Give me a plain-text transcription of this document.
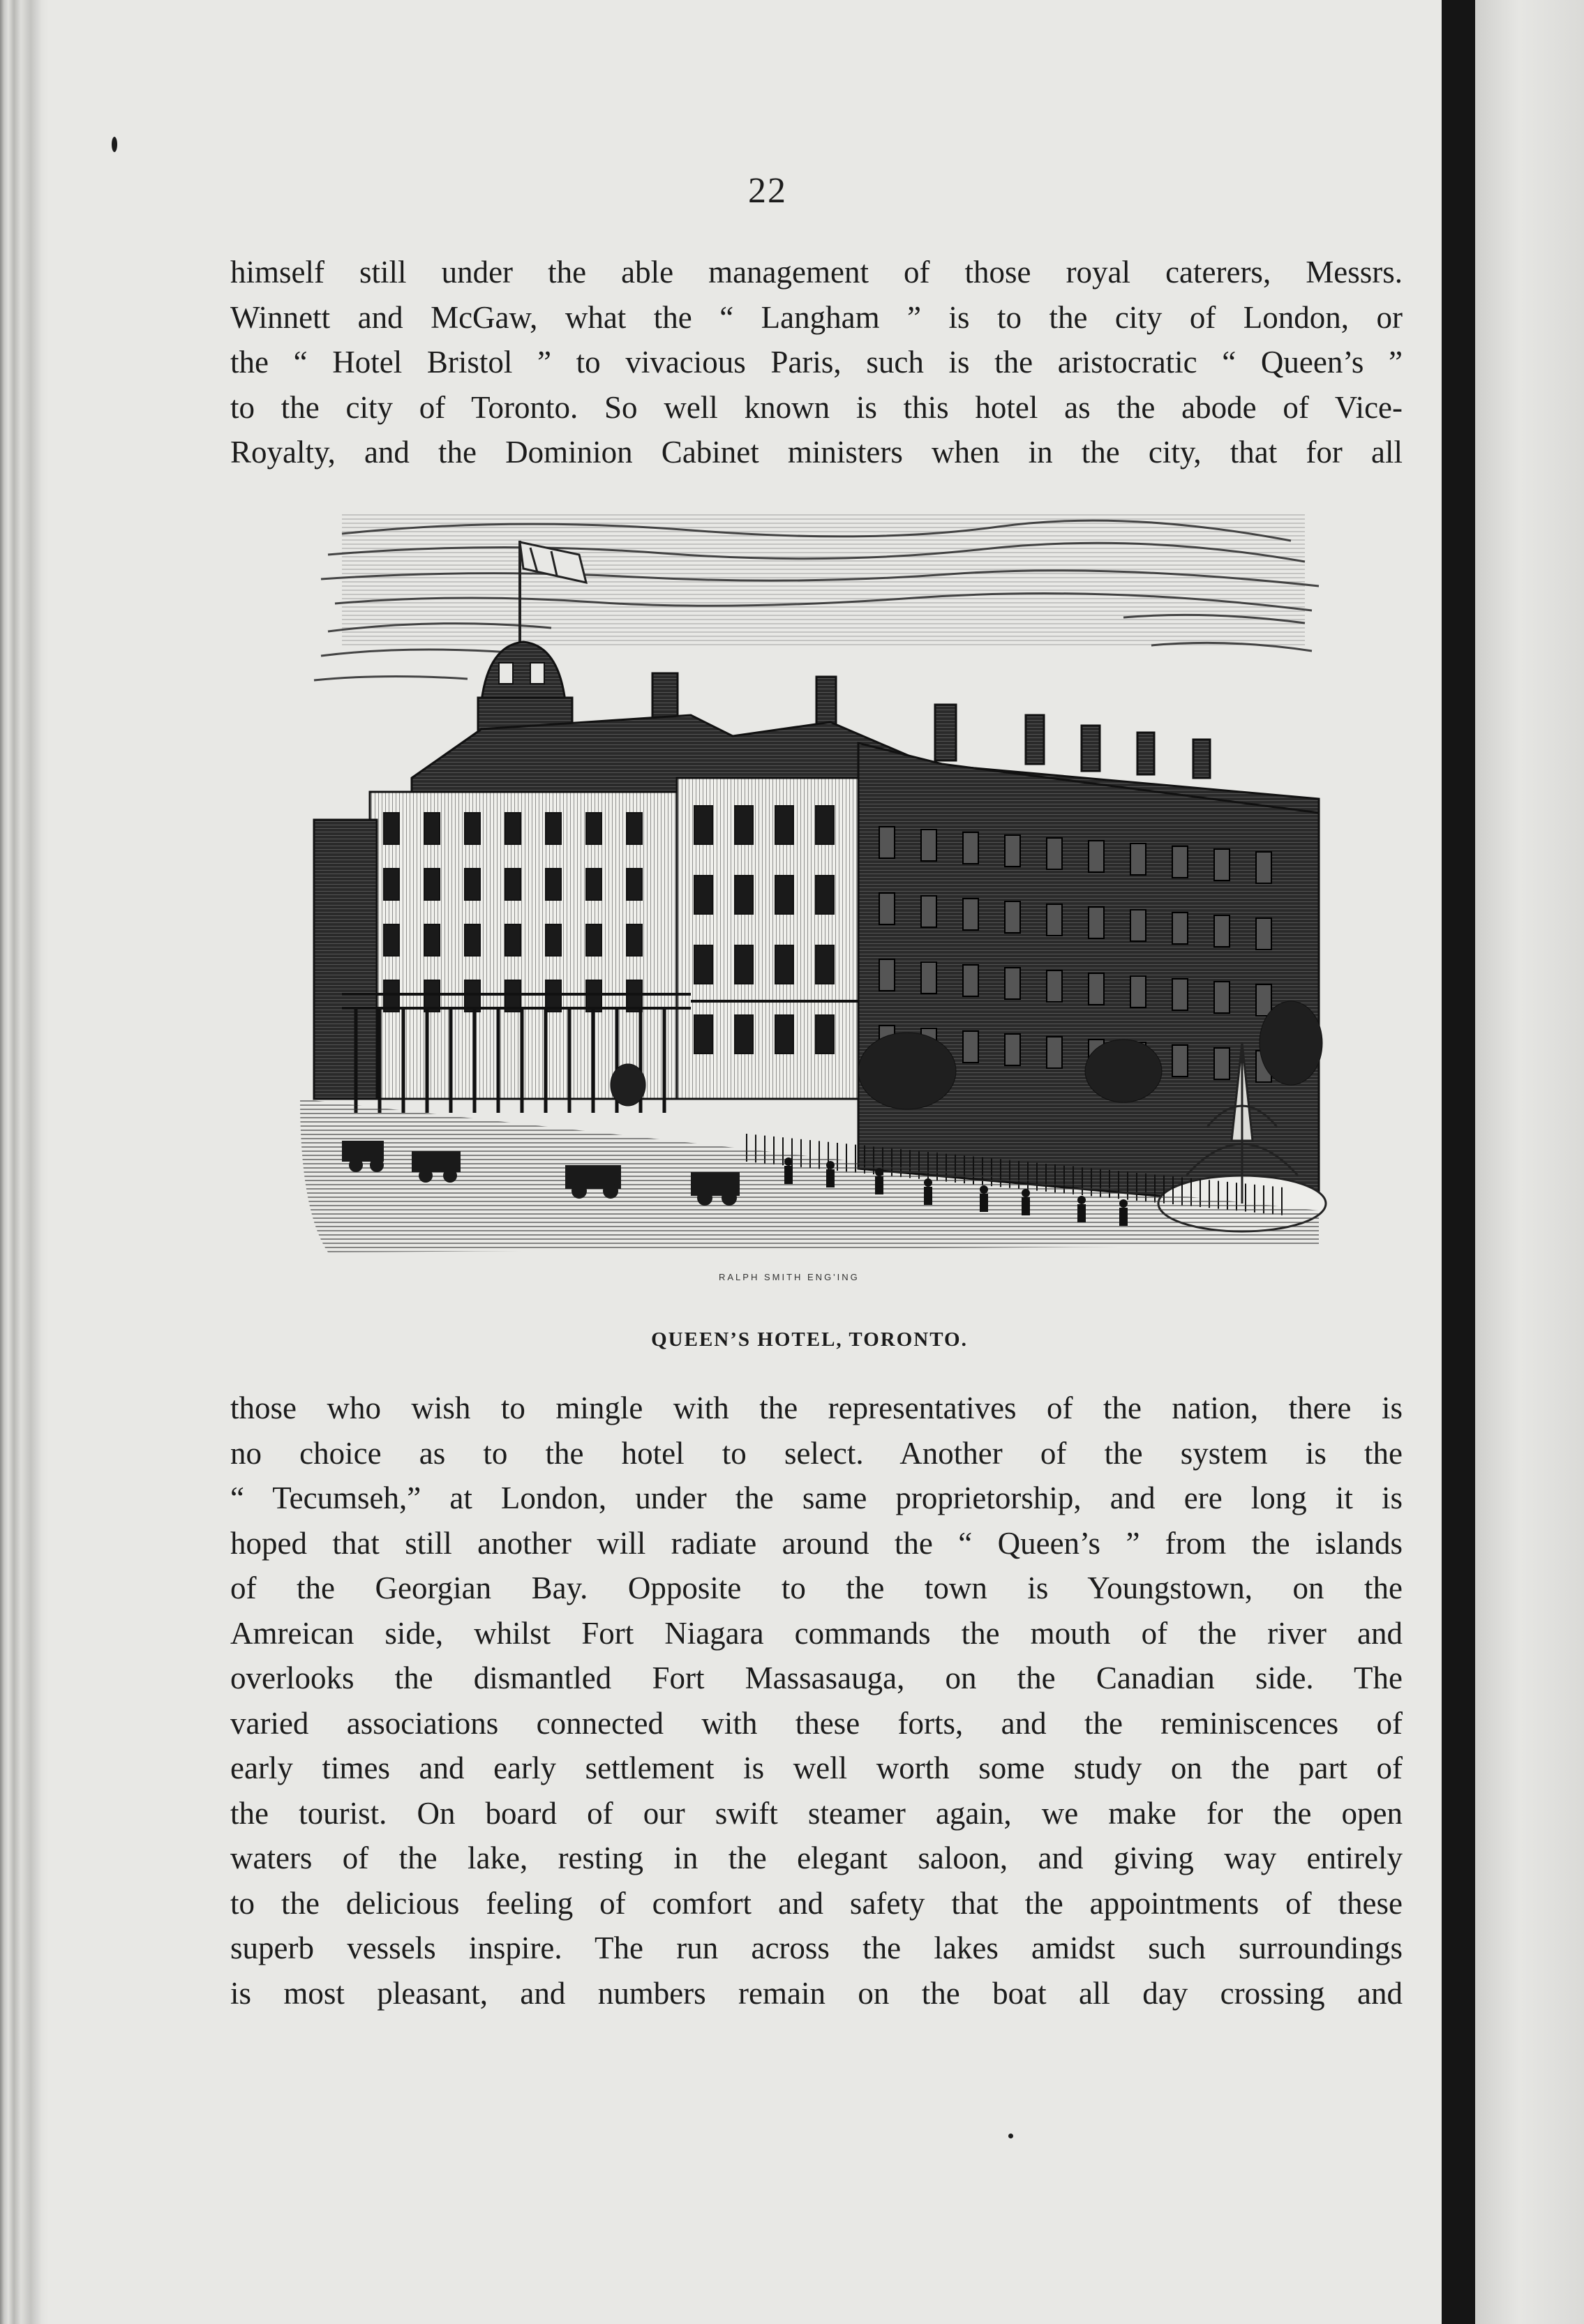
22

himself still under the able management of those royal caterers, Messrs.
Winnett and McGaw, what the “ Langham ” is to the city of London, or
the “ Hotel Bristol ” to vivacious Paris, such is the aristocratic “ Queen’s ”
to the city of Toronto. So well known is this hotel as the abode of Vice-
Royalty, and the Dominion Cabinet ministers when in the city, that for all

RALPH SMITH ENG'ING
QUEEN’S HOTEL, TORONTO.

those who wish to mingle with the representatives of the nation, there is
no choice as to the hotel to select. Another of the system is the
“ Tecumseh,” at London, under the same proprietorship, and ere long it is
hoped that still another will radiate around the “ Queen’s ” from the islands
of the Georgian Bay. Opposite to the town is Youngstown, on the
Amreican side, whilst Fort Niagara commands the mouth of the river and
overlooks the dismantled Fort Massasauga, on the Canadian side. The
varied associations connected with these forts, and the reminiscences of
early times and early settlement is well worth some study on the part of
the tourist. On board of our swift steamer again, we make for the open
waters of the lake, resting in the elegant saloon, and giving way entirely
to the delicious feeling of comfort and safety that the appointments of these
superb vessels inspire. The run across the lakes amidst such surroundings
is most pleasant, and numbers remain on the boat all day crossing and
